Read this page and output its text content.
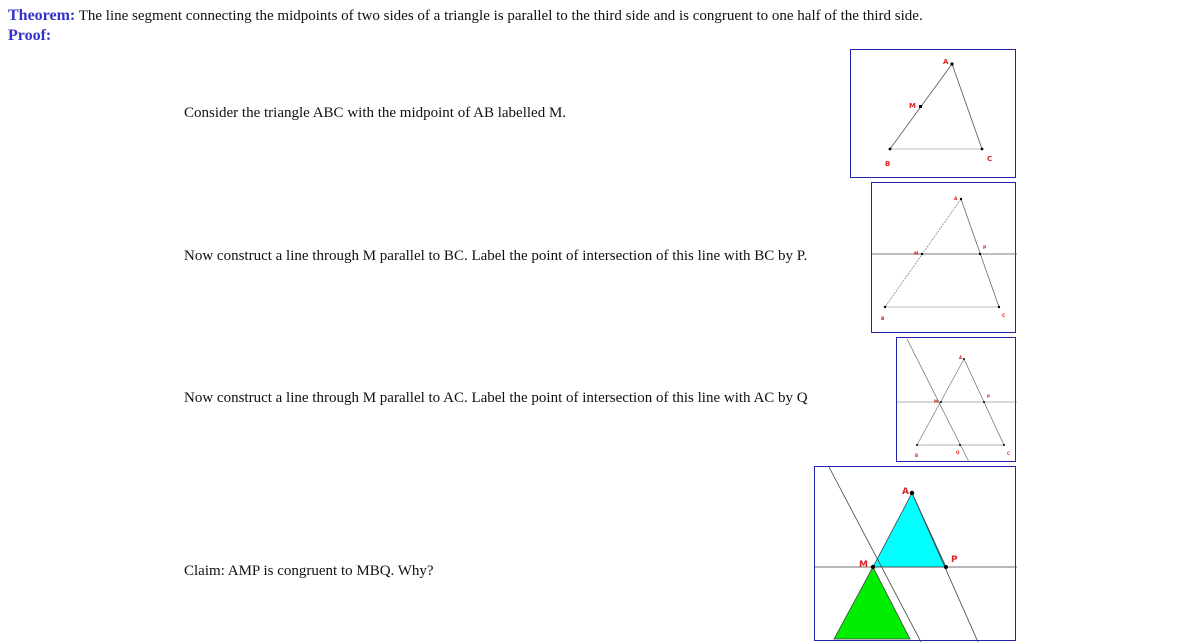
Theorem: The line segment connecting the midpoints of two sides of a triangle is parallel to the third side and is congruent to one half of the third side.
Proof:
Consider the triangle ABC with the midpoint of AB labelled M.
Now construct a line through M parallel to BC. Label the point of intersection of this line with BC by P.
Now construct a line through M parallel to AC. Label the point of intersection of this line with AC by Q
Claim: AMP is congruent to MBQ. Why?
A
M
B
C
A
M
P
B
C
A
M
P
B
Q	C
A
M	P
